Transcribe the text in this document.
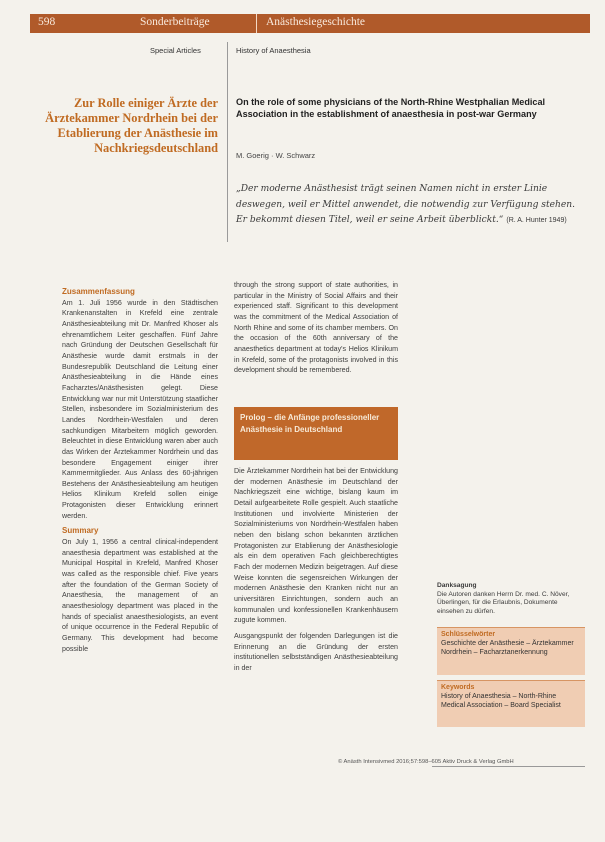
598	Sonderbeiträge	Anästhesiegeschichte
Special Articles	History of Anaesthesia
Zur Rolle einiger Ärzte der Ärztekammer Nordrhein bei der Etablierung der Anästhesie im Nachkriegsdeutschland
On the role of some physicians of the North-Rhine Westphalian Medical Association in the establishment of anaesthesia in post-war Germany
M. Goerig · W. Schwarz
„Der moderne Anästhesist trägt seinen Namen nicht in erster Linie deswegen, weil er Mittel anwendet, die notwendig zur Verfügung stehen. Er bekommt diesen Titel, weil er seine Arbeit überblickt.“ (R. A. Hunter 1949)
Zusammenfassung

Am 1. Juli 1956 wurde in den Städtischen Krankenanstalten in Krefeld eine zentrale Anästhesieabteilung mit Dr. Manfred Khoser als ehrenamtlichem Leiter geschaffen. Fünf Jahre nach Gründung der Deutschen Gesellschaft für Anästhesie wurde damit erstmals in der Bundesrepublik Deutschland die Leitung einer Anästhesieabteilung in die Hände eines Facharztes/Anästhesisten gelegt. Diese Entwicklung war nur mit Unterstützung staatlicher Stellen, insbesondere im Sozialministerium des Landes Nordrhein-Westfalen und deren sachkundigen Mitarbeitern möglich geworden. Beleuchtet in diese Entwicklung waren aber auch das Wirken der Ärztekammer Nordrhein und das besondere Engagement einiger ihrer Kammermitglieder. Aus Anlass des 60-jährigen Bestehens der Anästhesieabteilung am heutigen Helios Klinikum Krefeld sollen einige Protagonisten dieser Entwicklung erinnert werden.

Summary

On July 1, 1956 a central clinical-independent anaesthesia department was established at the Municipal Hospital in Krefeld, Manfred Khoser was called as the responsible chief. Five years after the foundation of the German Society of Anaesthesia, the management of an anaesthesiology department was placed in the hands of specialist anaesthesiologists, an event of unique occurrence in the Federal Republic of Germany. This development had become possible

through the strong support of state authorities, in particular in the Ministry of Social Affairs and their experienced staff. Significant to this development was the commitment of the Medical Association of North Rhine and some of its chamber members. On the occasion of the 60th anniversary of the anaesthetics department at today's Helios Klinikum in Krefeld, some of the protagonists involved in this development should be remembered.

Prolog – die Anfänge professioneller Anästhesie in Deutschland

Die Ärztekammer Nordrhein hat bei der Entwicklung der modernen Anästhesie im Deutschland der Nachkriegszeit eine wichtige, bislang kaum im Detail aufgearbeitete Rolle gespielt. Auch staatliche Institutionen und involvierte Ministerien der Sozialministeriums von Nordrhein-Westfalen haben neben den bislang schon bekannten ärztlichen Protagonisten zur Etablierung der Anästhesiologie als ein dem operativen Fach gleichberechtigtes Fach der modernen Medizin beigetragen. Auf diese Weise konnten die segensreichen Wirkungen der modernen Anästhesie den Kranken nicht nur an universitären Einrichtungen, sondern auch an kommunalen und konfessionellen Krankenhäusern zugute kommen.

Ausgangspunkt der folgenden Darlegungen ist die Erinnerung an die Gründung der ersten institutionellen selbstständigen Anästhesieabteilung in der

Danksagung
Die Autoren danken Herrn Dr. med. C. Növer, Überlingen, für die Erlaubnis, Dokumente einsehen zu dürfen.
Schlüsselwörter
Geschichte der Anästhesie – Ärztekammer Nordrhein – Facharztanerkennung
Keywords
History of Anaesthesia – North-Rhine Medical Association – Board Specialist
© Anästh Intensivmed 2016;57:598–605 Aktiv Druck & Verlag GmbH
